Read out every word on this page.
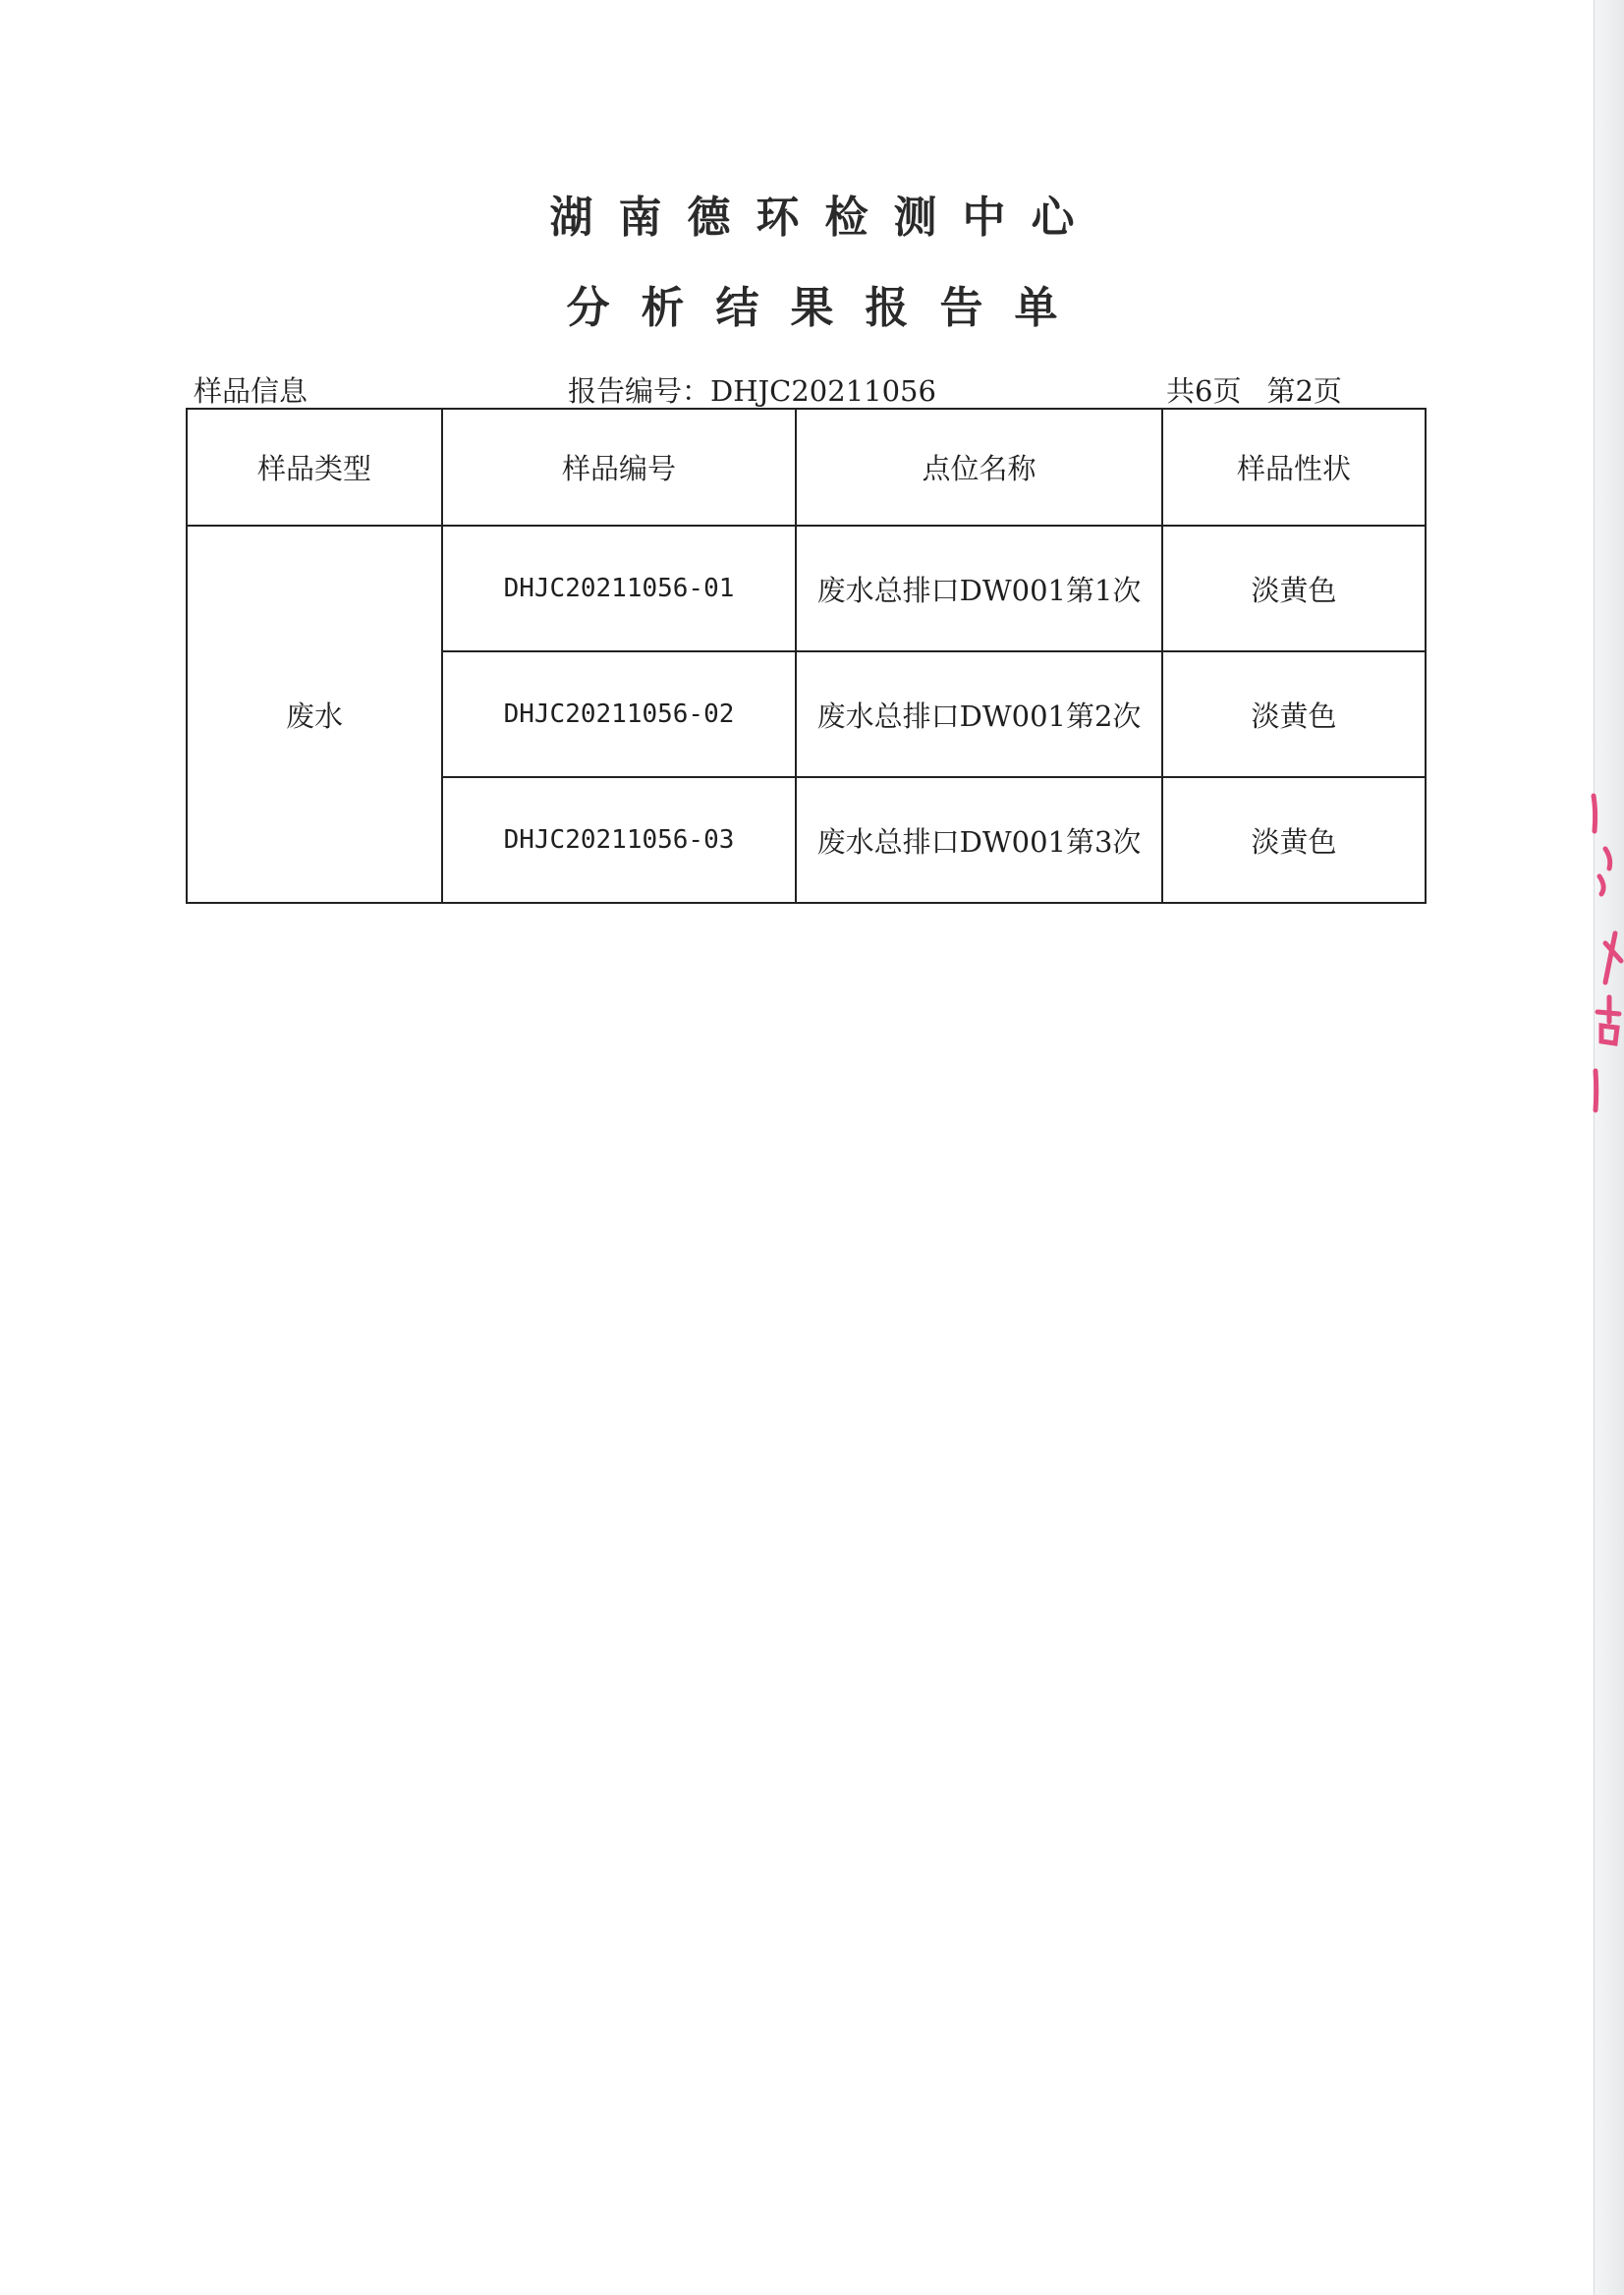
湖南德环检测中心
分析结果报告单
样品信息	报告编号：DHJC20211056	共6页 第2页
样品类型	样品编号	点位名称	样品性状
废水	DHJC20211056-01	废水总排口DW001第1次	淡黄色
	DHJC20211056-02	废水总排口DW001第2次	淡黄色
	DHJC20211056-03	废水总排口DW001第3次	淡黄色
